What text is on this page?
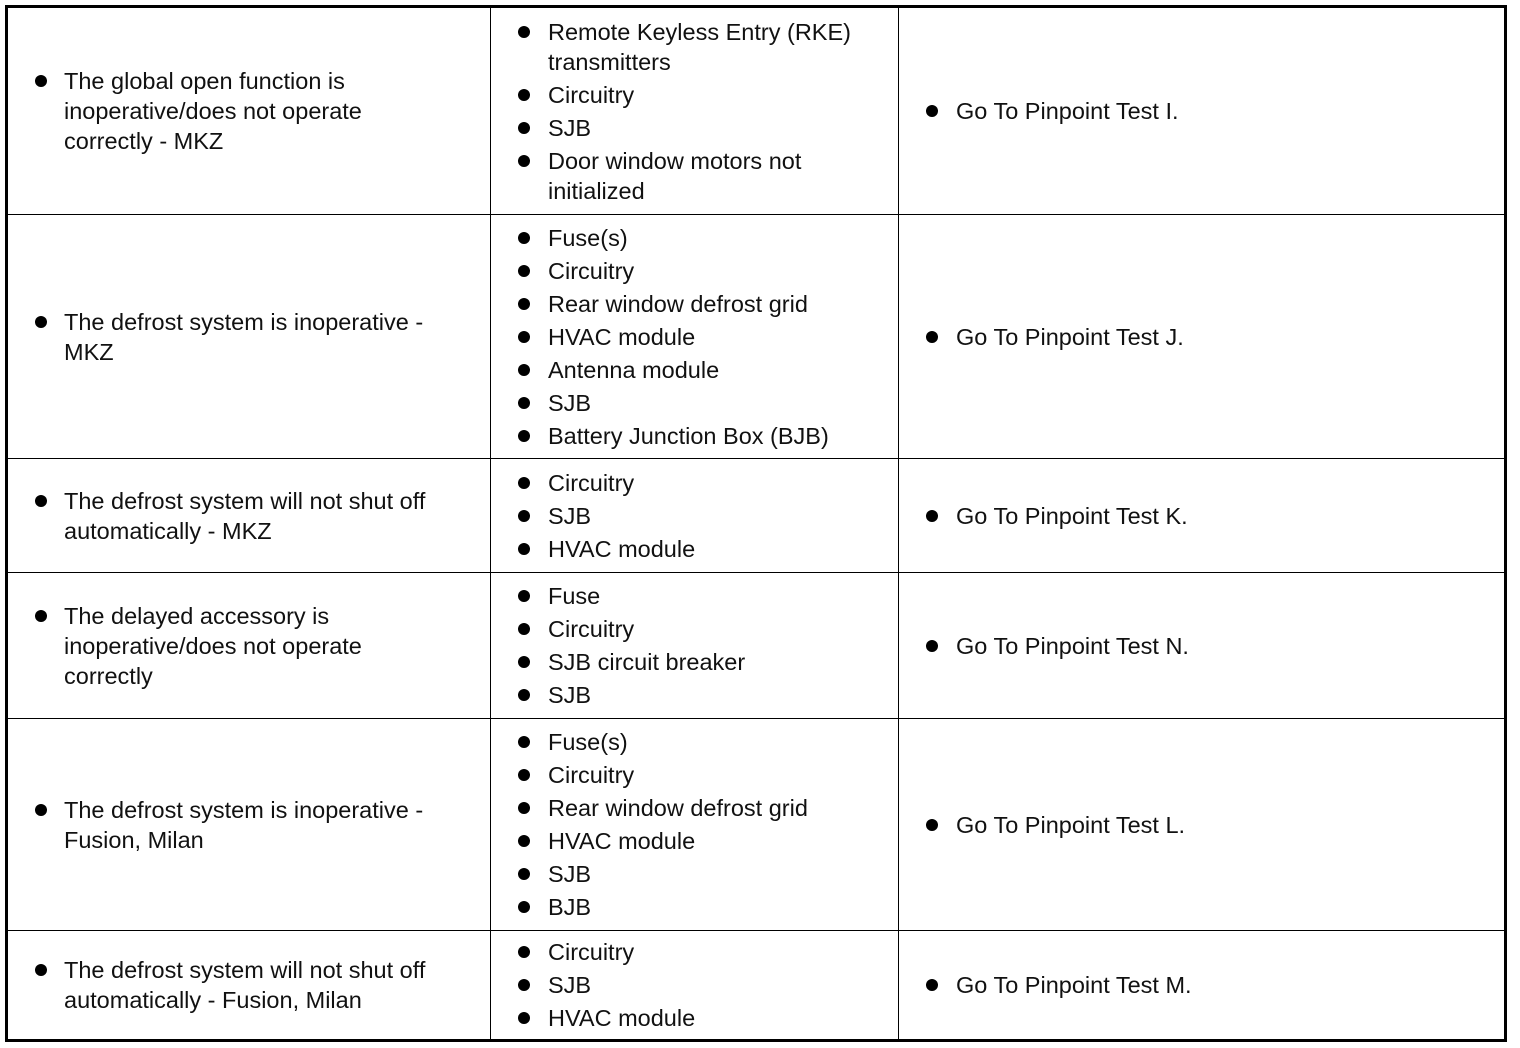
The global open function is inoperative/does not operate correctly - MKZ
Remote Keyless Entry (RKE) transmitters
Circuitry
SJB
Door window motors not initialized
Go To Pinpoint Test I.
The defrost system is inoperative - MKZ
Fuse(s)
Circuitry
Rear window defrost grid
HVAC module
Antenna module
SJB
Battery Junction Box (BJB)
Go To Pinpoint Test J.
The defrost system will not shut off automatically - MKZ
Circuitry
SJB
HVAC module
Go To Pinpoint Test K.
The delayed accessory is inoperative/does not operate correctly
Fuse
Circuitry
SJB circuit breaker
SJB
Go To Pinpoint Test N.
The defrost system is inoperative - Fusion, Milan
Fuse(s)
Circuitry
Rear window defrost grid
HVAC module
SJB
BJB
Go To Pinpoint Test L.
The defrost system will not shut off automatically - Fusion, Milan
Circuitry
SJB
HVAC module
Go To Pinpoint Test M.
